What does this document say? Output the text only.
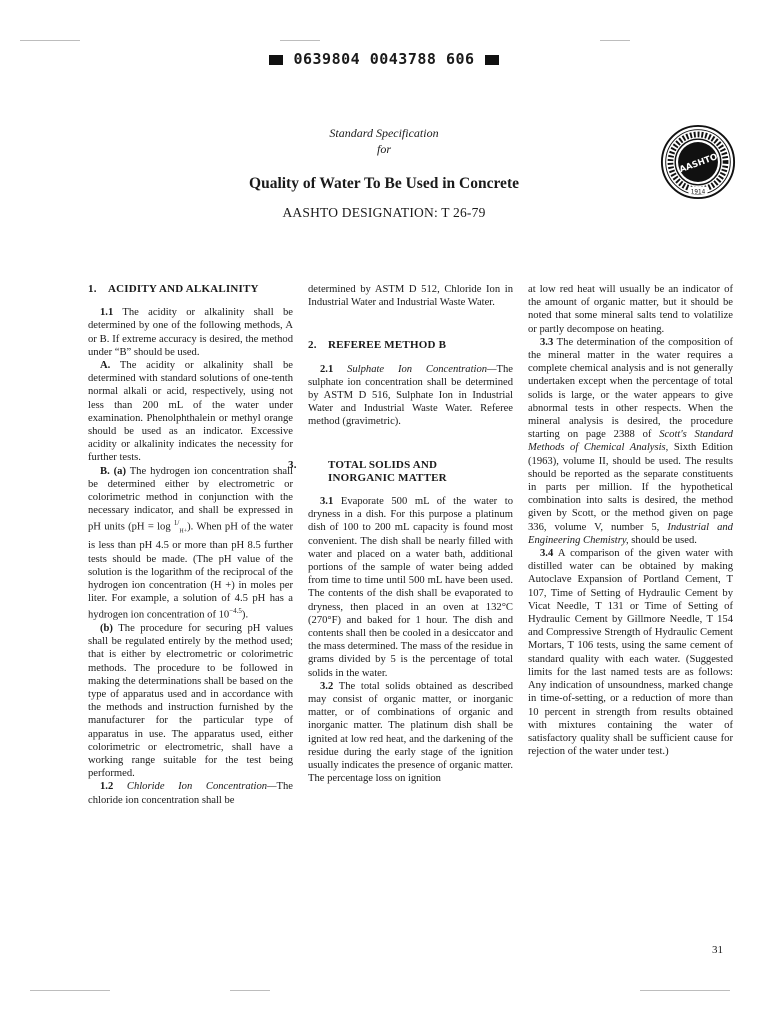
0639804 0043788 606
Standard Specification
for
Quality of Water To Be Used in Concrete
AASHTO DESIGNATION: T 26-79
AASHTO
1914
1. ACIDITY AND ALKALINITY

1.1 The acidity or alkalinity shall be determined by one of the following methods, A or B. If extreme accuracy is desired, the method under “B” should be used.

A. The acidity or alkalinity shall be determined with standard solutions of one-tenth normal alkali or acid, respectively, using not less than 200 mL of the water under examination. Phenolphthalein or methyl orange should be used as an indicator. Excessive acidity or alkalinity indicates the necessity for further tests.

B. (a) The hydrogen ion concentration shall be determined either by electrometric or colorimetric method in conjunction with the necessary indicator, and shall be expressed in pH units (pH = log $^{1/}_{H+}$). When pH of the water is less than pH 4.5 or more than pH 8.5 further tests should be made. (The pH value of the solution is the logarithm of the reciprocal of the hydrogen ion concentration (H +) in moles per liter. For example, a solution of 4.5 pH has a hydrogen ion concentration of $10^{-4.5}$).

(b) The procedure for securing pH values shall be regulated entirely by the method used; that is either by electrometric or colorimetric methods. The procedure to be followed in making the determinations shall be based on the type of apparatus used and in accordance with the methods and instruction furnished by the manufacturer for the particular type of apparatus in use. The apparatus used, either colorimetric or electrometric, shall have a working range suitable for the test being performed.

1.2 Chloride Ion Concentration—The chloride ion concentration shall be

determined by ASTM D 512, Chloride Ion in Industrial Water and Industrial Waste Water.

2. REFEREE METHOD B

2.1 Sulphate Ion Concentration—The sulphate ion concentration shall be determined by ASTM D 516, Sulphate Ion in Industrial Water and Industrial Waste Water. Referee method (gravimetric).

3.	TOTAL SOLIDS AND
INORGANIC MATTER

3.1 Evaporate 500 mL of the water to dryness in a dish. For this purpose a platinum dish of 100 to 200 mL capacity is found most convenient. The dish shall be nearly filled with water and placed on a water bath, additional portions of the sample of water being added from time to time until 500 mL have been used. The contents of the dish shall be evaporated to dryness, then placed in an oven at 132°C (270°F) and baked for 1 hour. The dish and contents shall then be cooled in a desiccator and the mass determined. The mass of the residue in grams divided by 5 is the percentage of total solids in the water.

3.2 The total solids obtained as described may consist of organic matter, or inorganic matter, or of combinations of organic and inorganic matter. The platinum dish shall be ignited at low red heat, and the darkening of the residue during the early stage of the ignition usually indicates the presence of organic matter. The percentage loss on ignition

at low red heat will usually be an indicator of the amount of organic matter, but it should be noted that some mineral salts tend to volatilize or partly decompose on heating.

3.3 The determination of the composition of the mineral matter in the water requires a complete chemical analysis and is not generally undertaken except when the percentage of total solids is large, or the water appears to give abnormal tests in other respects. When the mineral analysis is desired, the procedure starting on page 2388 of Scott's Standard Methods of Chemical Analysis, Sixth Edition (1963), volume II, should be used. The results should be reported as the separate constituents in parts per million. If the hypothetical combination into salts is desired, the method given by Scott, or the method given on page 336, volume V, number 5, Industrial and Engineering Chemistry, should be used.

3.4 A comparison of the given water with distilled water can be obtained by making Autoclave Expansion of Portland Cement, T 107, Time of Setting of Hydraulic Cement by Vicat Needle, T 131 or Time of Setting of Hydraulic Cement by Gillmore Needle, T 154 and Compressive Strength of Hydraulic Cement Mortars, T 106 tests, using the same cement of standard quality with each water. (Suggested limits for the last named tests are as follows: Any indication of unsoundness, marked change in time-of-setting, or a reduction of more than 10 percent in strength from results obtained with mixtures containing the water of satisfactory quality shall be sufficient cause for rejection of the water under test.)

31
